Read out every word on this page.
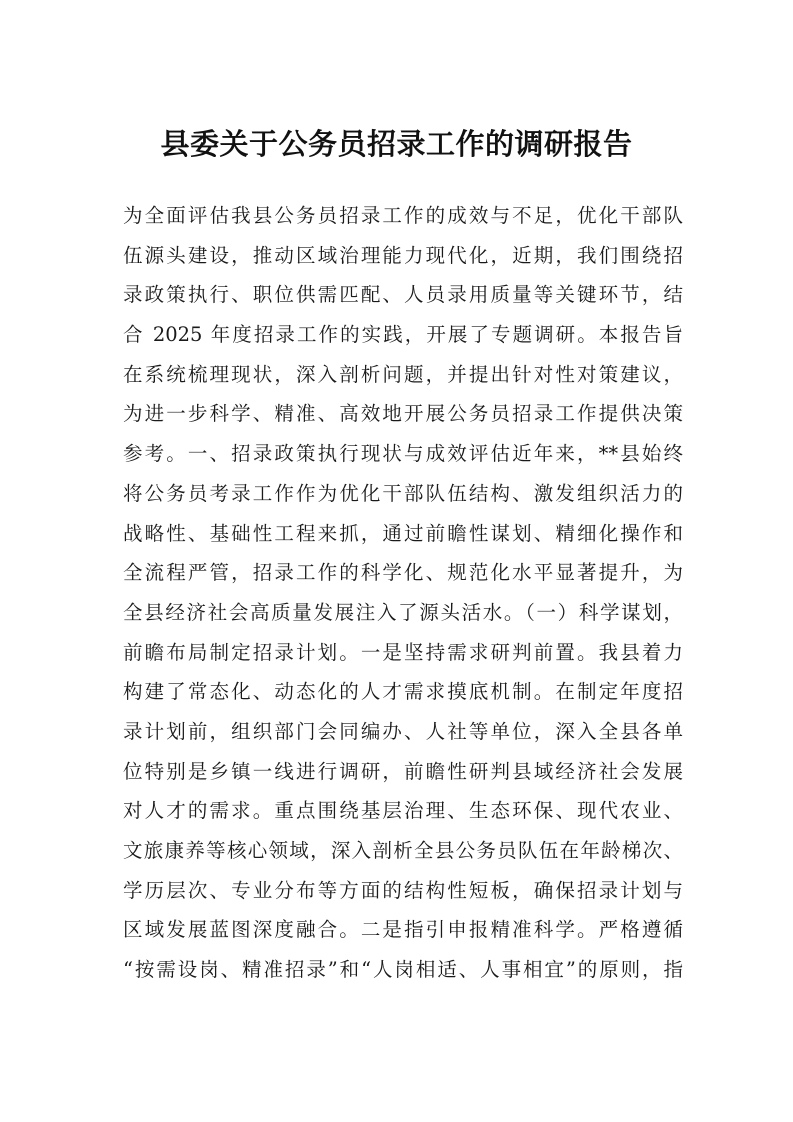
县委关于公务员招录工作的调研报告
为全面评估我县公务员招录工作的成效与不足，优化干部队
伍源头建设，推动区域治理能力现代化，近期，我们围绕招
录政策执行、职位供需匹配、人员录用质量等关键环节，结
合 2025 年度招录工作的实践，开展了专题调研。本报告旨
在系统梳理现状，深入剖析问题，并提出针对性对策建议，
为进一步科学、精准、高效地开展公务员招录工作提供决策
参考。一、招录政策执行现状与成效评估近年来，**县始终
将公务员考录工作作为优化干部队伍结构、激发组织活力的
战略性、基础性工程来抓，通过前瞻性谋划、精细化操作和
全流程严管，招录工作的科学化、规范化水平显著提升，为
全县经济社会高质量发展注入了源头活水。（一）科学谋划，
前瞻布局制定招录计划。一是坚持需求研判前置。我县着力
构建了常态化、动态化的人才需求摸底机制。在制定年度招
录计划前，组织部门会同编办、人社等单位，深入全县各单
位特别是乡镇一线进行调研，前瞻性研判县域经济社会发展
对人才的需求。重点围绕基层治理、生态环保、现代农业、
文旅康养等核心领域，深入剖析全县公务员队伍在年龄梯次、
学历层次、专业分布等方面的结构性短板，确保招录计划与
区域发展蓝图深度融合。二是指引申报精准科学。严格遵循
“按需设岗、精准招录”和“人岗相适、人事相宜”的原则，指
